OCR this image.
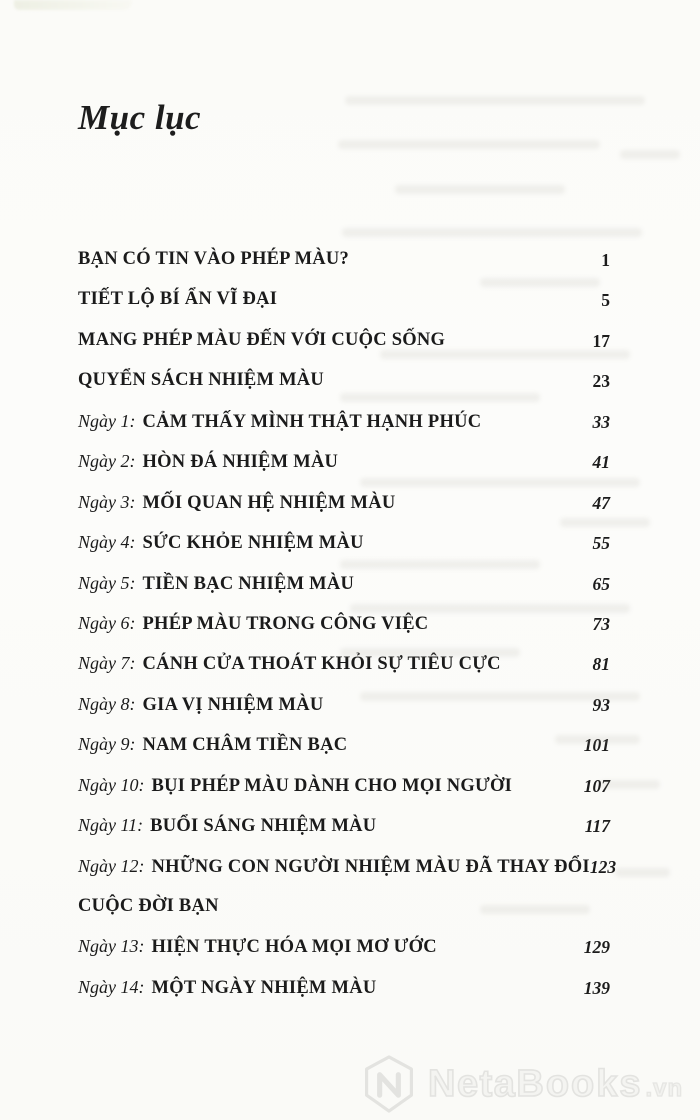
Mục lục
BẠN CÓ TIN VÀO PHÉP MÀU?	1
TIẾT LỘ BÍ ẨN VĨ ĐẠI	5
MANG PHÉP MÀU ĐẾN VỚI CUỘC SỐNG	17
QUYỂN SÁCH NHIỆM MÀU	23
Ngày 1: CẢM THẤY MÌNH THẬT HẠNH PHÚC	33
Ngày 2: HÒN ĐÁ NHIỆM MÀU	41
Ngày 3: MỐI QUAN HỆ NHIỆM MÀU	47
Ngày 4: SỨC KHỎE NHIỆM MÀU	55
Ngày 5: TIỀN BẠC NHIỆM MÀU	65
Ngày 6: PHÉP MÀU TRONG CÔNG VIỆC	73
Ngày 7: CÁNH CỬA THOÁT KHỎI SỰ TIÊU CỰC	81
Ngày 8: GIA VỊ NHIỆM MÀU	93
Ngày 9: NAM CHÂM TIỀN BẠC	101
Ngày 10: BỤI PHÉP MÀU DÀNH CHO MỌI NGƯỜI	107
Ngày 11: BUỔI SÁNG NHIỆM MÀU	117
Ngày 12: NHỮNG CON NGƯỜI NHIỆM MÀU ĐÃ THAY ĐỔI 123
CUỘC ĐỜI BẠN
Ngày 13: HIỆN THỰC HÓA MỌI MƠ ƯỚC	129
Ngày 14: MỘT NGÀY NHIỆM MÀU	139
NetaBooks .vn
